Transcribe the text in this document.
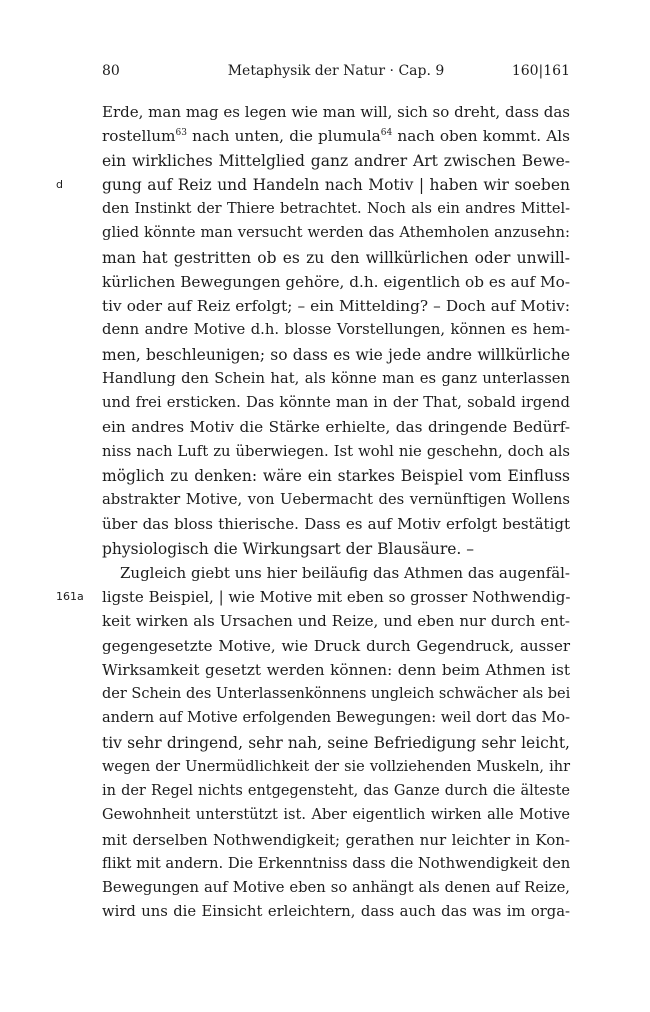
80	Metaphysik der Natur · Cap. 9	160|161
Erde, man mag es legen wie man will, sich so dreht, dass das
rostellum$^{63}$ nach unten, die plumula$^{64}$ nach oben kommt. Als
ein wirkliches Mittelglied ganz andrer Art zwischen Bewe-
d	gung auf Reiz und Handeln nach Motiv | haben wir soeben
den Instinkt der Thiere betrachtet. Noch als ein andres Mittel-
glied könnte man versucht werden das Athemholen anzusehn:
man hat gestritten ob es zu den willkürlichen oder unwill-
kürlichen Bewegungen gehöre, d.h. eigentlich ob es auf Mo-
tiv oder auf Reiz erfolgt; – ein Mittelding? – Doch auf Motiv:
denn andre Motive d.h. blosse Vorstellungen, können es hem-
men, beschleunigen; so dass es wie jede andre willkürliche
Handlung den Schein hat, als könne man es ganz unterlassen
und frei ersticken. Das könnte man in der That, sobald irgend
ein andres Motiv die Stärke erhielte, das dringende Bedürf-
niss nach Luft zu überwiegen. Ist wohl nie geschehn, doch als
möglich zu denken: wäre ein starkes Beispiel vom Einfluss
abstrakter Motive, von Uebermacht des vernünftigen Wollens
über das bloss thierische. Dass es auf Motiv erfolgt bestätigt
physiologisch die Wirkungsart der Blausäure. –
Zugleich giebt uns hier beiläufig das Athmen das augenfäl-
161a	ligste Beispiel, | wie Motive mit eben so grosser Nothwendig-
keit wirken als Ursachen und Reize, und eben nur durch ent-
gegengesetzte Motive, wie Druck durch Gegendruck, ausser
Wirksamkeit gesetzt werden können: denn beim Athmen ist
der Schein des Unterlassenkönnens ungleich schwächer als bei
andern auf Motive erfolgenden Bewegungen: weil dort das Mo-
tiv sehr dringend, sehr nah, seine Befriedigung sehr leicht,
wegen der Unermüdlichkeit der sie vollziehenden Muskeln, ihr
in der Regel nichts entgegensteht, das Ganze durch die älteste
Gewohnheit unterstützt ist. Aber eigentlich wirken alle Motive
mit derselben Nothwendigkeit; gerathen nur leichter in Kon-
flikt mit andern. Die Erkenntniss dass die Nothwendigkeit den
Bewegungen auf Motive eben so anhängt als denen auf Reize,
wird uns die Einsicht erleichtern, dass auch das was im orga-
